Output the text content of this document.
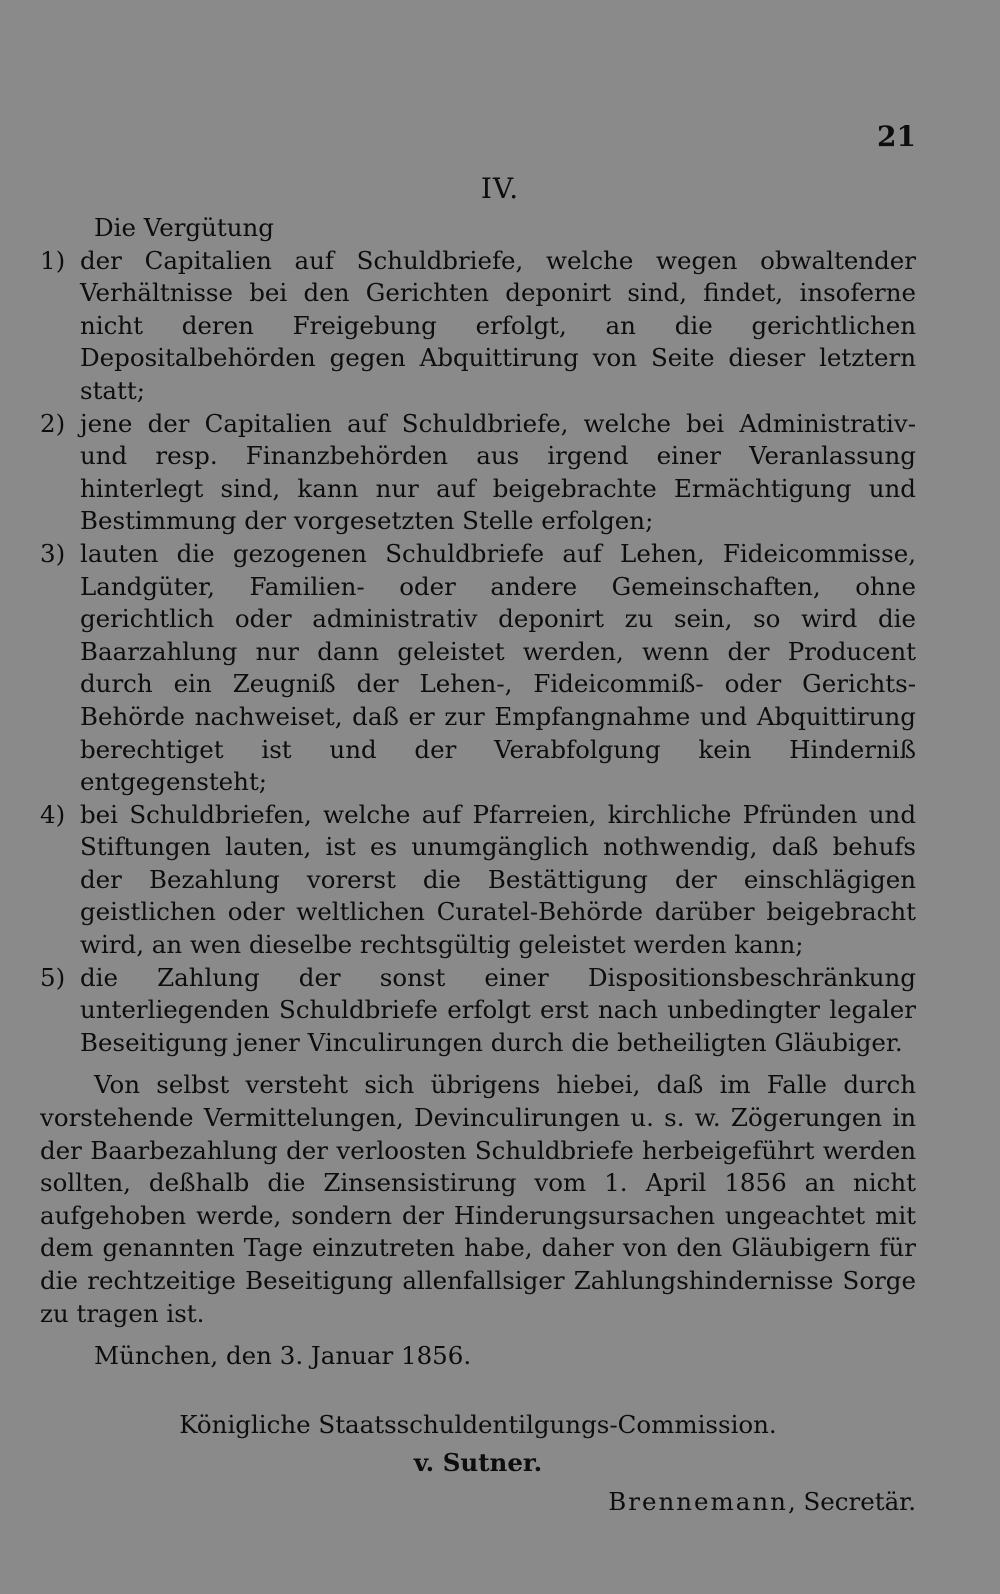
21
IV.
Die Vergütung
1) der Capitalien auf Schuldbriefe, welche wegen obwaltender Verhältnisse bei den Gerichten deponirt sind, findet, insoferne nicht deren Freigebung erfolgt, an die gerichtlichen Depositalbehörden gegen Abquittirung von Seite dieser letztern statt;
2) jene der Capitalien auf Schuldbriefe, welche bei Administrativ- und resp. Finanzbehörden aus irgend einer Veranlassung hinterlegt sind, kann nur auf beigebrachte Ermächtigung und Bestimmung der vorgesetzten Stelle erfolgen;
3) lauten die gezogenen Schuldbriefe auf Lehen, Fideicommisse, Landgüter, Familien- oder andere Gemeinschaften, ohne gerichtlich oder administrativ deponirt zu sein, so wird die Baarzahlung nur dann geleistet werden, wenn der Producent durch ein Zeugniß der Lehen-, Fideicommiß- oder Gerichts-Behörde nachweiset, daß er zur Empfangnahme und Abquittirung berechtiget ist und der Verabfolgung kein Hinderniß entgegensteht;
4) bei Schuldbriefen, welche auf Pfarreien, kirchliche Pfründen und Stiftungen lauten, ist es unumgänglich nothwendig, daß behufs der Bezahlung vorerst die Bestättigung der einschlägigen geistlichen oder weltlichen Curatel-Behörde darüber beigebracht wird, an wen dieselbe rechtsgültig geleistet werden kann;
5) die Zahlung der sonst einer Dispositionsbeschränkung unterliegenden Schuldbriefe erfolgt erst nach unbedingter legaler Beseitigung jener Vinculirungen durch die betheiligten Gläubiger.
Von selbst versteht sich übrigens hiebei, daß im Falle durch vorstehende Vermittelungen, Devinculirungen u. s. w. Zögerungen in der Baarbezahlung der verloosten Schuldbriefe herbeigeführt werden sollten, deßhalb die Zinsensistirung vom 1. April 1856 an nicht aufgehoben werde, sondern der Hinderungsursachen ungeachtet mit dem genannten Tage einzutreten habe, daher von den Gläubigern für die rechtzeitige Beseitigung allenfallsiger Zahlungshindernisse Sorge zu tragen ist.
München, den 3. Januar 1856.
Königliche Staatsschuldentilgungs-Commission.
v. Sutner.
Brennemann, Secretär.
